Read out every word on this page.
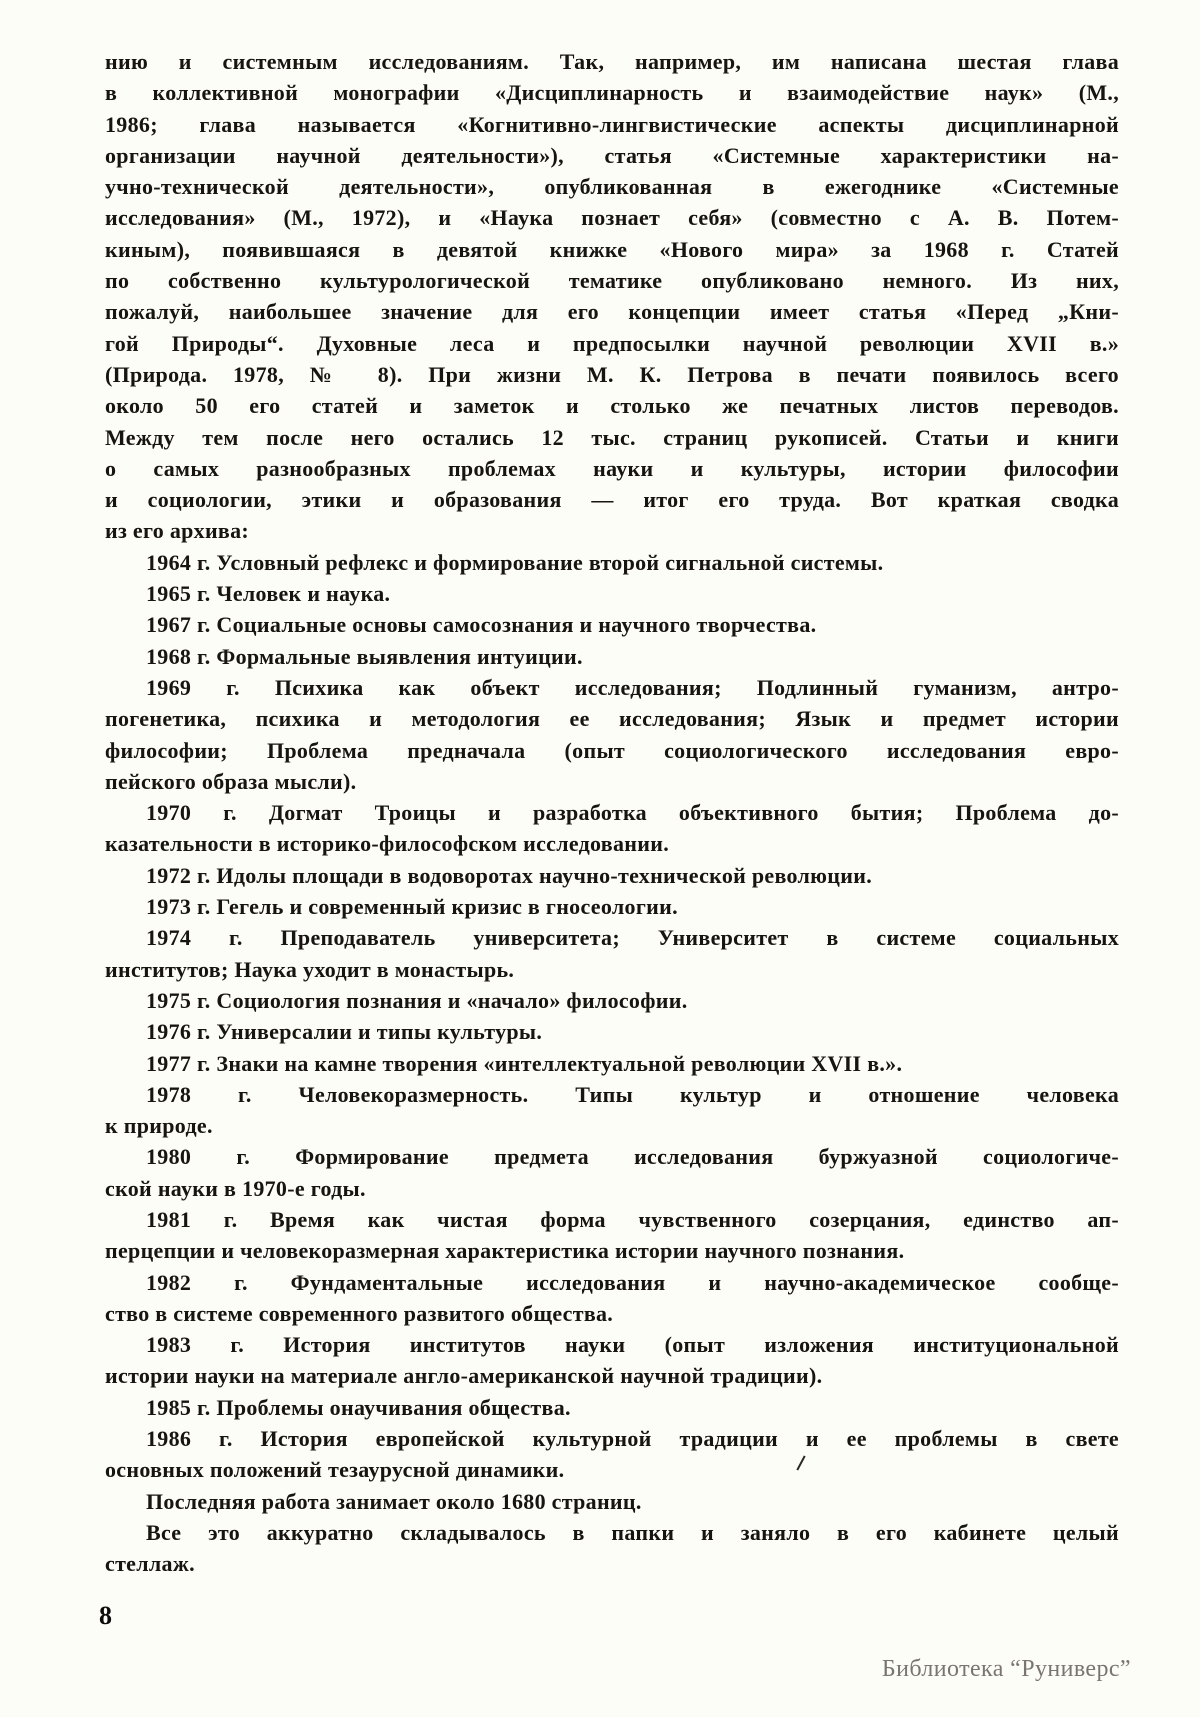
нию и системным исследованиям. Так, например, им написана шестая глава
в коллективной монографии «Дисциплинарность и взаимодействие наук» (М.,
1986; глава называется «Когнитивно-лингвистические аспекты дисциплинарной
организации научной деятельности»), статья «Системные характеристики на-
учно-технической деятельности», опубликованная в ежегоднике «Системные
исследования» (М., 1972), и «Наука познает себя» (совместно с А. В. Потем-
киным), появившаяся в девятой книжке «Нового мира» за 1968 г. Статей
по собственно культурологической тематике опубликовано немного. Из них,
пожалуй, наибольшее значение для его концепции имеет статья «Перед „Кни-
гой Природы“. Духовные леса и предпосылки научной революции XVII в.»
(Природа. 1978, № 8). При жизни М. К. Петрова в печати появилось всего
около 50 его статей и заметок и столько же печатных листов переводов.
Между тем после него остались 12 тыс. страниц рукописей. Статьи и книги
о самых разнообразных проблемах науки и культуры, истории философии
и социологии, этики и образования — итог его труда. Вот краткая сводка
из его архива:
1964 г. Условный рефлекс и формирование второй сигнальной системы.
1965 г. Человек и наука.
1967 г. Социальные основы самосознания и научного творчества.
1968 г. Формальные выявления интуиции.
1969 г. Психика как объект исследования; Подлинный гуманизм, антро-
погенетика, психика и методология ее исследования; Язык и предмет истории
философии; Проблема предначала (опыт социологического исследования евро-
пейского образа мысли).
1970 г. Догмат Троицы и разработка объективного бытия; Проблема до-
казательности в историко-философском исследовании.
1972 г. Идолы площади в водоворотах научно-технической революции.
1973 г. Гегель и современный кризис в гносеологии.
1974 г. Преподаватель университета; Университет в системе социальных
институтов; Наука уходит в монастырь.
1975 г. Социология познания и «начало» философии.
1976 г. Универсалии и типы культуры.
1977 г. Знаки на камне творения «интеллектуальной революции XVII в.».
1978 г. Человекоразмерность. Типы культур и отношение человека
к природе.
1980 г. Формирование предмета исследования буржуазной социологиче-
ской науки в 1970-е годы.
1981 г. Время как чистая форма чувственного созерцания, единство ап-
перцепции и человекоразмерная характеристика истории научного познания.
1982 г. Фундаментальные исследования и научно-академическое сообще-
ство в системе современного развитого общества.
1983 г. История институтов науки (опыт изложения институциональной
истории науки на материале англо-американской научной традиции).
1985 г. Проблемы онаучивания общества.
1986 г. История европейской культурной традиции и ее проблемы в свете
основных положений тезаурусной динамики.
Последняя работа занимает около 1680 страниц.
Все это аккуратно складывалось в папки и заняло в его кабинете целый
стеллаж.
8
Библиотека “Руниверс”
